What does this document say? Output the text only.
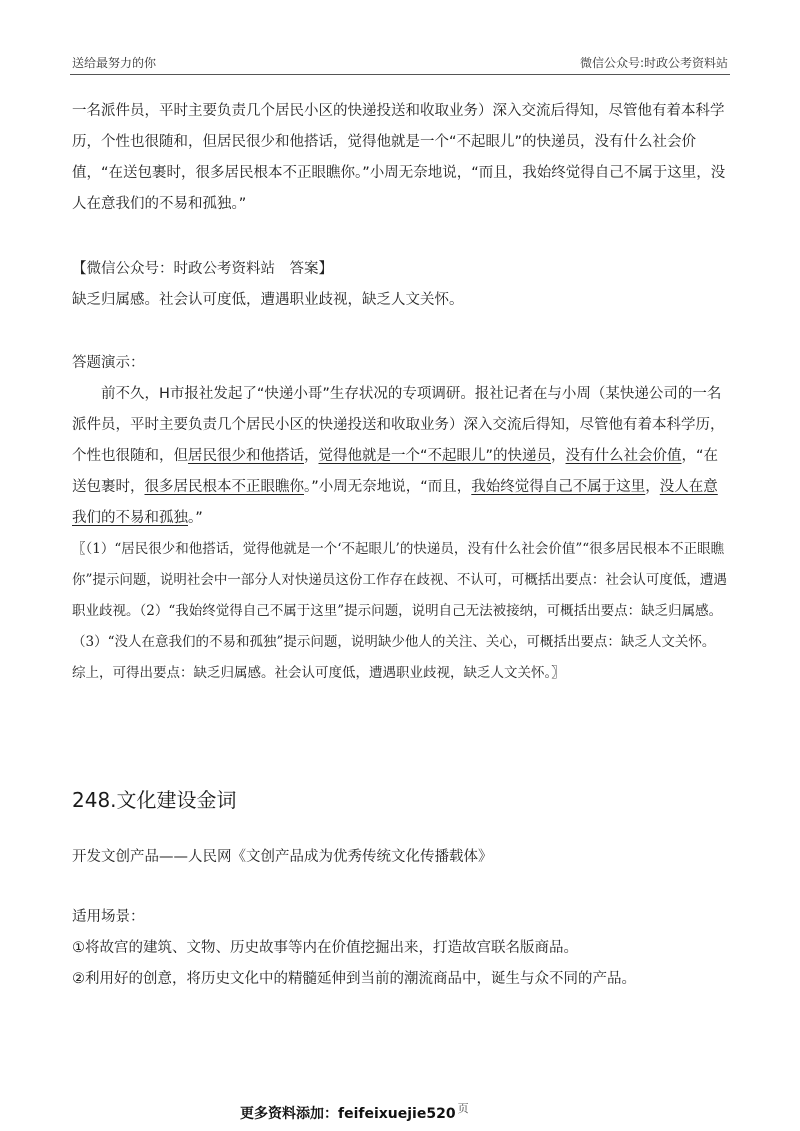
送给最努力的你	微信公众号:时政公考资料站

一名派件员，平时主要负责几个居民小区的快递投送和收取业务）深入交流后得知，尽管他有着本科学历，个性也很随和，但居民很少和他搭话，觉得他就是一个“不起眼儿”的快递员，没有什么社会价值，“在送包裹时，很多居民根本不正眼瞧你。”小周无奈地说，“而且，我始终觉得自己不属于这里，没人在意我们的不易和孤独。”

【微信公众号：时政公考资料站　答案】

缺乏归属感。社会认可度低，遭遇职业歧视，缺乏人文关怀。

答题演示：

前不久，H市报社发起了“快递小哥”生存状况的专项调研。报社记者在与小周（某快递公司的一名派件员，平时主要负责几个居民小区的快递投送和收取业务）深入交流后得知，尽管他有着本科学历，个性也很随和，但居民很少和他搭话，觉得他就是一个“不起眼儿”的快递员，没有什么社会价值，“在送包裹时，很多居民根本不正眼瞧你。”小周无奈地说，“而且，我始终觉得自己不属于这里，没人在意我们的不易和孤独。”

〖（1）“居民很少和他搭话，觉得他就是一个‘不起眼儿’的快递员，没有什么社会价值”“很多居民根本不正眼瞧你”提示问题，说明社会中一部分人对快递员这份工作存在歧视、不认可，可概括出要点：社会认可度低，遭遇职业歧视。（2）“我始终觉得自己不属于这里”提示问题，说明自己无法被接纳，可概括出要点：缺乏归属感。（3）“没人在意我们的不易和孤独”提示问题，说明缺少他人的关注、关心，可概括出要点：缺乏人文关怀。综上，可得出要点：缺乏归属感。社会认可度低，遭遇职业歧视，缺乏人文关怀。〗

248.文化建设金词

开发文创产品——人民网《文创产品成为优秀传统文化传播载体》

适用场景：

①将故宫的建筑、文物、历史故事等内在价值挖掘出来，打造故宫联名版商品。

②利用好的创意，将历史文化中的精髓延伸到当前的潮流商品中，诞生与众不同的产品。

更多资料添加：feifeixuejie520 $^页$
